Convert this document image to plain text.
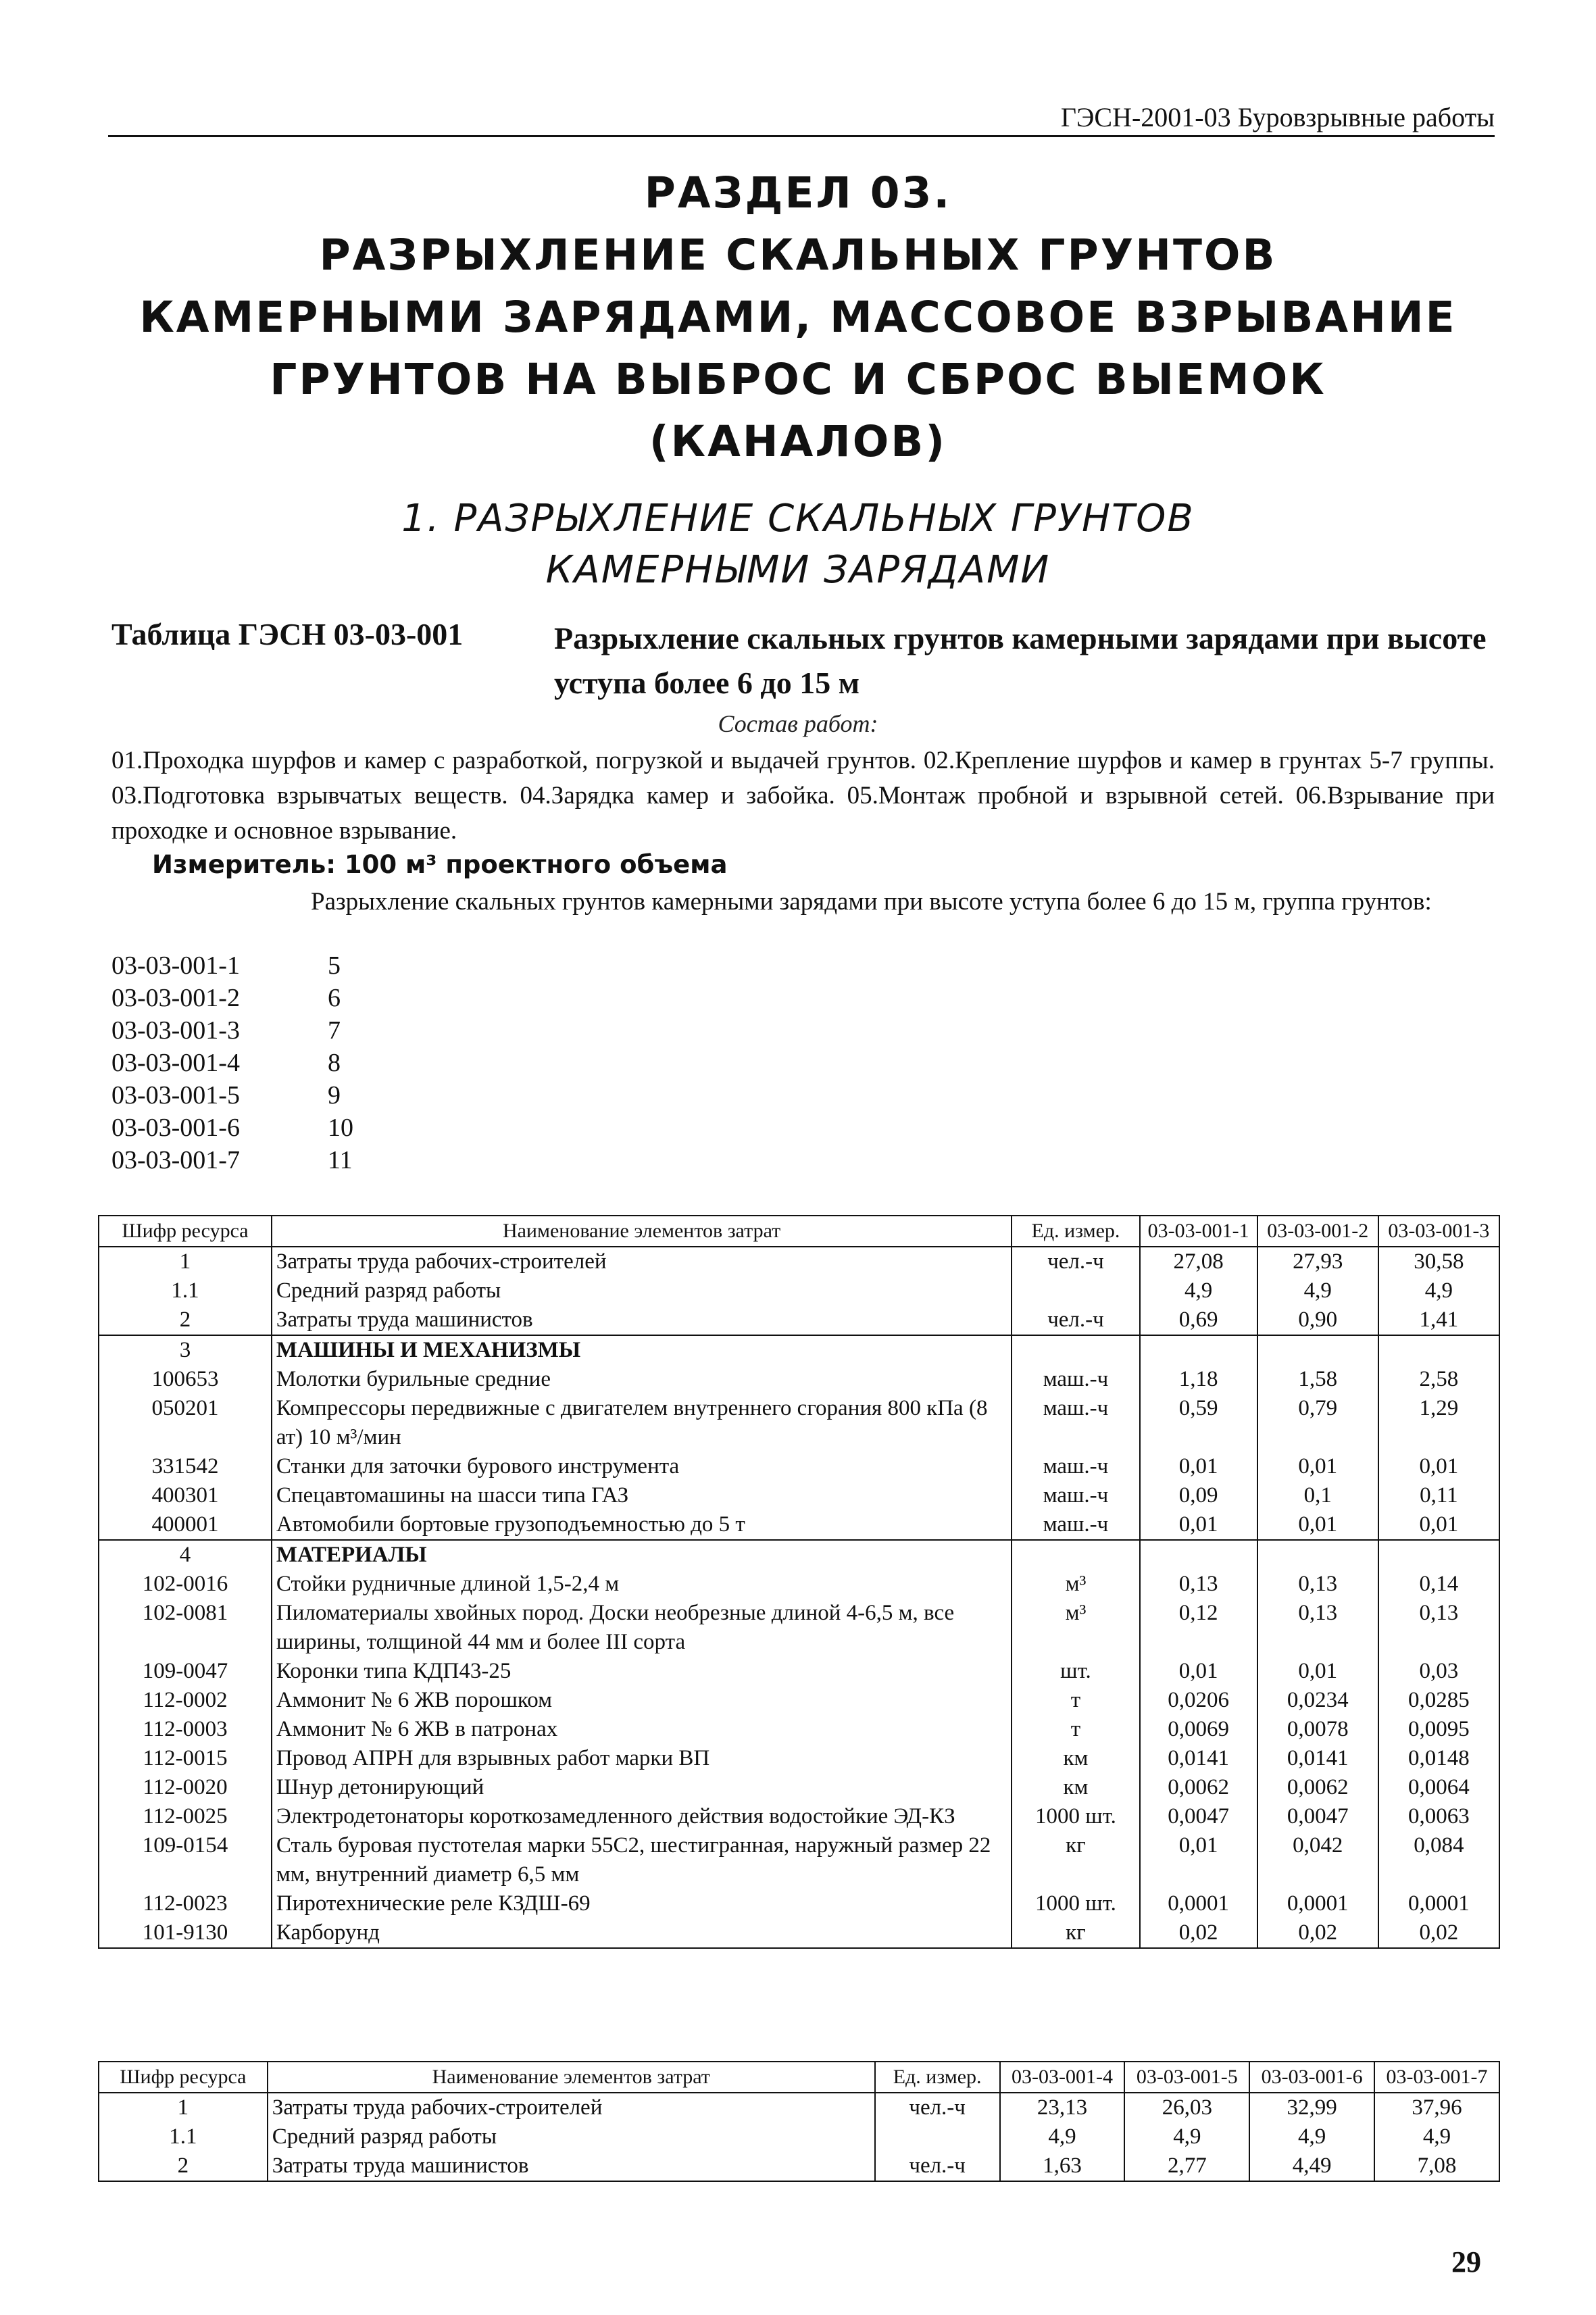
ГЭСН-2001-03 Буровзрывные работы
РАЗДЕЛ 03.
РАЗРЫХЛЕНИЕ СКАЛЬНЫХ ГРУНТОВ
КАМЕРНЫМИ ЗАРЯДАМИ, МАССОВОЕ ВЗРЫВАНИЕ
ГРУНТОВ НА ВЫБРОС И СБРОС ВЫЕМОК
(КАНАЛОВ)
1. РАЗРЫХЛЕНИЕ СКАЛЬНЫХ ГРУНТОВ
КАМЕРНЫМИ ЗАРЯДАМИ
Таблица ГЭСН 03-03-001	Разрыхление скальных грунтов камерными зарядами при высоте уступа более 6 до 15 м
Состав работ:
01.Проходка шурфов и камер с разработкой, погрузкой и выдачей грунтов. 02.Крепление шурфов и камер в грунтах 5-7 группы. 03.Подготовка взрывчатых веществ. 04.Зарядка камер и забойка. 05.Монтаж пробной и взрывной сетей. 06.Взрывание при проходке и основное взрывание.
Измеритель: 100 м³ проектного объема
Разрыхление скальных грунтов камерными зарядами при высоте уступа более 6 до 15 м, группа грунтов:
03-03-001-1	5
03-03-001-2	6
03-03-001-3	7
03-03-001-4	8
03-03-001-5	9
03-03-001-6	10
03-03-001-7	11
Шифр ресурса	Наименование элементов затрат	Ед. измер.	03-03-001-1	03-03-001-2	03-03-001-3
1	Затраты труда рабочих-строителей	чел.-ч	27,08	27,93	30,58
1.1	Средний разряд работы		4,9	4,9	4,9
2	Затраты труда машинистов	чел.-ч	0,69	0,90	1,41
3	МАШИНЫ И МЕХАНИЗМЫ				
100653	Молотки бурильные средние	маш.-ч	1,18	1,58	2,58
050201	Компрессоры передвижные с двигателем внутреннего сгорания 800 кПа (8 ат) 10 м³/мин	маш.-ч	0,59	0,79	1,29
331542	Станки для заточки бурового инструмента	маш.-ч	0,01	0,01	0,01
400301	Спецавтомашины на шасси типа ГАЗ	маш.-ч	0,09	0,1	0,11
400001	Автомобили бортовые грузоподъемностью до 5 т	маш.-ч	0,01	0,01	0,01
4	МАТЕРИАЛЫ				
102-0016	Стойки рудничные длиной 1,5-2,4 м	м³	0,13	0,13	0,14
102-0081	Пиломатериалы хвойных пород. Доски необрезные длиной 4-6,5 м, все ширины, толщиной 44 мм и более III сорта	м³	0,12	0,13	0,13
109-0047	Коронки типа КДП43-25	шт.	0,01	0,01	0,03
112-0002	Аммонит № 6 ЖВ порошком	т	0,0206	0,0234	0,0285
112-0003	Аммонит № 6 ЖВ в патронах	т	0,0069	0,0078	0,0095
112-0015	Провод АПРН для взрывных работ марки ВП	км	0,0141	0,0141	0,0148
112-0020	Шнур детонирующий	км	0,0062	0,0062	0,0064
112-0025	Электродетонаторы короткозамедленного действия водостойкие ЭД-КЗ	1000 шт.	0,0047	0,0047	0,0063
109-0154	Сталь буровая пустотелая марки 55С2, шестигранная, наружный размер 22 мм, внутренний диаметр 6,5 мм	кг	0,01	0,042	0,084
112-0023	Пиротехнические реле КЗДШ-69	1000 шт.	0,0001	0,0001	0,0001
101-9130	Карборунд	кг	0,02	0,02	0,02
Шифр ресурса	Наименование элементов затрат	Ед. измер.	03-03-001-4	03-03-001-5	03-03-001-6	03-03-001-7
1	Затраты труда рабочих-строителей	чел.-ч	23,13	26,03	32,99	37,96
1.1	Средний разряд работы		4,9	4,9	4,9	4,9
2	Затраты труда машинистов	чел.-ч	1,63	2,77	4,49	7,08
29
